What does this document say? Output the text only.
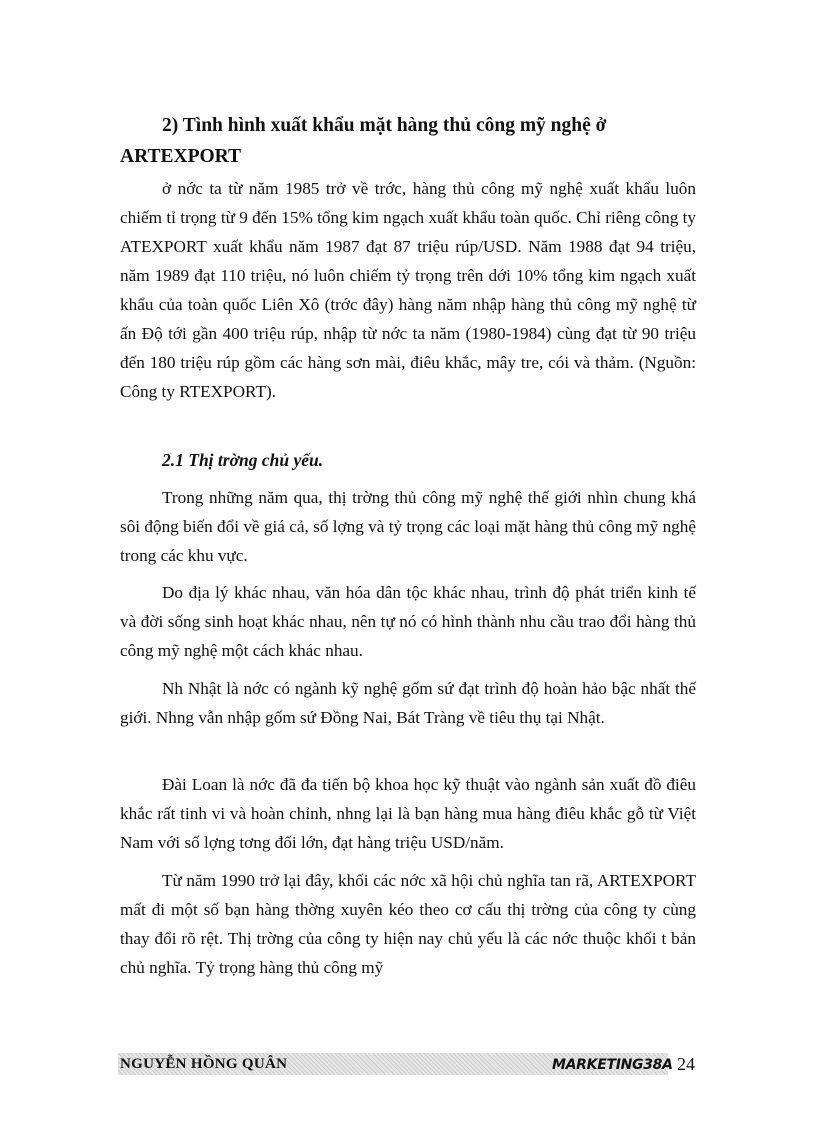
2) Tình hình xuất khẩu mặt hàng thủ công mỹ nghệ ở
ARTEXPORT

ở nớc ta từ năm 1985 trở về trớc, hàng thủ công mỹ nghệ xuất khẩu luôn chiếm tỉ trọng từ 9 đến 15% tổng kim ngạch xuất khẩu toàn quốc. Chỉ riêng công ty ATEXPORT xuất khẩu năm 1987 đạt 87 triệu rúp/USD. Năm 1988 đạt 94 triệu, năm 1989 đạt 110 triệu, nó luôn chiếm tỷ trọng trên dới 10% tổng kim ngạch xuất khẩu của toàn quốc Liên Xô (trớc đây) hàng năm nhập hàng thủ công mỹ nghệ từ ấn Độ tới gần 400 triệu rúp, nhập từ nớc ta năm (1980-1984) cùng đạt từ 90 triệu đến 180 triệu rúp gồm các hàng sơn mài, điêu khắc, mây tre, cói và thảm. (Nguồn: Công ty RTEXPORT).

2.1 Thị trờng chủ yếu.

Trong những năm qua, thị trờng thủ công mỹ nghệ thế giới nhìn chung khá sôi động biến đổi về giá cả, số lợng và tỷ trọng các loại mặt hàng thủ công mỹ nghệ trong các khu vực.

Do địa lý khác nhau, văn hóa dân tộc khác nhau, trình độ phát triển kinh tế và đời sống sinh hoạt khác nhau, nên tự nó có hình thành nhu cầu trao đổi hàng thủ công mỹ nghệ một cách khác nhau.

Nh Nhật là nớc có ngành kỹ nghệ gốm sứ đạt trình độ hoàn hảo bậc nhất thế giới. Nhng vẫn nhập gốm sứ Đồng Nai, Bát Tràng về tiêu thụ tại Nhật.

Đài Loan là nớc đã đa tiến bộ khoa học kỹ thuật vào ngành sản xuất đồ điêu khắc rất tinh vi và hoàn chỉnh, nhng lại là bạn hàng mua hàng điêu khắc gỗ từ Việt Nam với số lợng tơng đối lớn, đạt hàng triệu USD/năm.

Từ năm 1990 trở lại đây, khối các nớc xã hội chủ nghĩa tan rã, ARTEXPORT mất đi một số bạn hàng thờng xuyên kéo theo cơ cấu thị trờng của công ty cùng thay đổi rõ rệt. Thị trờng của công ty hiện nay chủ yếu là các nớc thuộc khối t bản chủ nghĩa. Tỷ trọng hàng thủ công mỹ

NGUYỄN HỒNG QUÂN	MARKETING38A 24
